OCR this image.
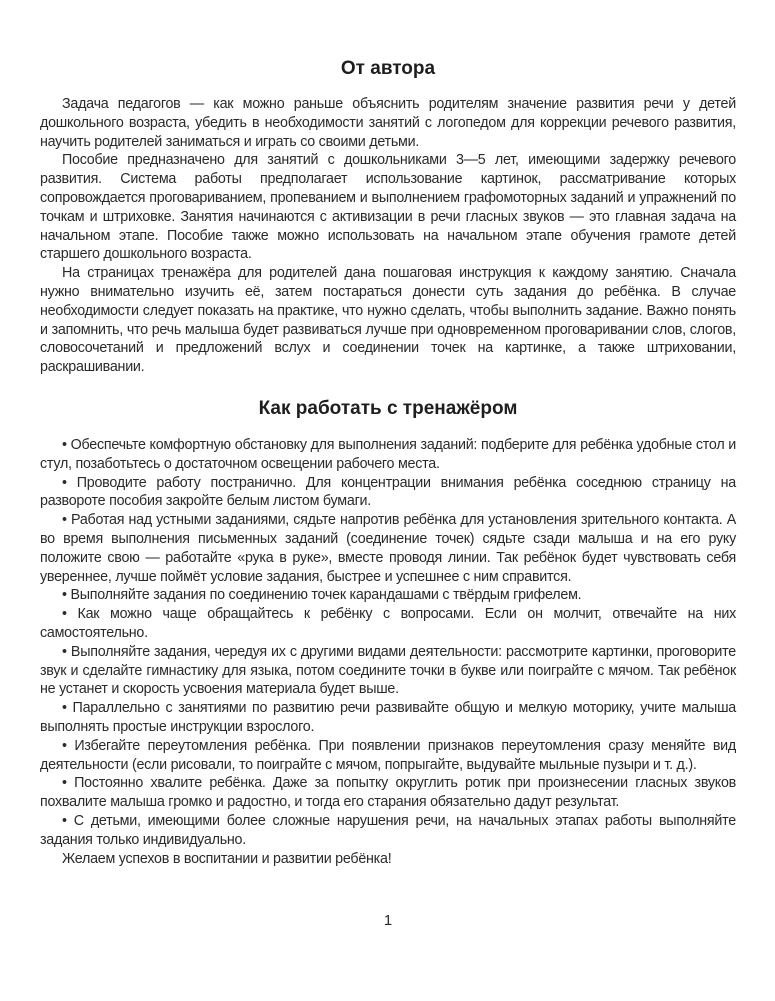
От автора

Задача педагогов — как можно раньше объяснить родителям значение развития речи у детей дошкольного возраста, убедить в необходимости занятий с логопедом для коррекции речевого развития, научить родителей заниматься и играть со своими детьми.

Пособие предназначено для занятий с дошкольниками 3—5 лет, имеющими задержку речевого развития. Система работы предполагает использование картинок, рассматривание которых сопровождается проговариванием, пропеванием и выполнением графомоторных заданий и упражнений по точкам и штриховке. Занятия начинаются с активизации в речи гласных звуков — это главная задача на начальном этапе. Пособие также можно использовать на начальном этапе обучения грамоте детей старшего дошкольного возраста.

На страницах тренажёра для родителей дана пошаговая инструкция к каждому занятию. Сначала нужно внимательно изучить её, затем постараться донести суть задания до ребёнка. В случае необходимости следует показать на практике, что нужно сделать, чтобы выполнить задание. Важно понять и запомнить, что речь малыша будет развиваться лучше при одновременном проговаривании слов, слогов, словосочетаний и предложений вслух и соединении точек на картинке, а также штриховании, раскрашивании.

Как работать с тренажёром

• Обеспечьте комфортную обстановку для выполнения заданий: подберите для ребёнка удобные стол и стул, позаботьтесь о достаточном освещении рабочего места.

• Проводите работу постранично. Для концентрации внимания ребёнка соседнюю страницу на развороте пособия закройте белым листом бумаги.

• Работая над устными заданиями, сядьте напротив ребёнка для установления зрительного контакта. А во время выполнения письменных заданий (соединение точек) сядьте сзади малыша и на его руку положите свою — работайте «рука в руке», вместе проводя линии. Так ребёнок будет чувствовать себя увереннее, лучше поймёт условие задания, быстрее и успешнее с ним справится.

• Выполняйте задания по соединению точек карандашами с твёрдым грифелем.

• Как можно чаще обращайтесь к ребёнку с вопросами. Если он молчит, отвечайте на них самостоятельно.

• Выполняйте задания, чередуя их с другими видами деятельности: рассмотрите картинки, проговорите звук и сделайте гимнастику для языка, потом соедините точки в букве или поиграйте с мячом. Так ребёнок не устанет и скорость усвоения материала будет выше.

• Параллельно с занятиями по развитию речи развивайте общую и мелкую моторику, учите малыша выполнять простые инструкции взрослого.

• Избегайте переутомления ребёнка. При появлении признаков переутомления сразу меняйте вид деятельности (если рисовали, то поиграйте с мячом, попрыгайте, выдувайте мыльные пузыри и т. д.).

• Постоянно хвалите ребёнка. Даже за попытку округлить ротик при произнесении гласных звуков похвалите малыша громко и радостно, и тогда его старания обязательно дадут результат.

• С детьми, имеющими более сложные нарушения речи, на начальных этапах работы выполняйте задания только индивидуально.

Желаем успехов в воспитании и развитии ребёнка!

1
